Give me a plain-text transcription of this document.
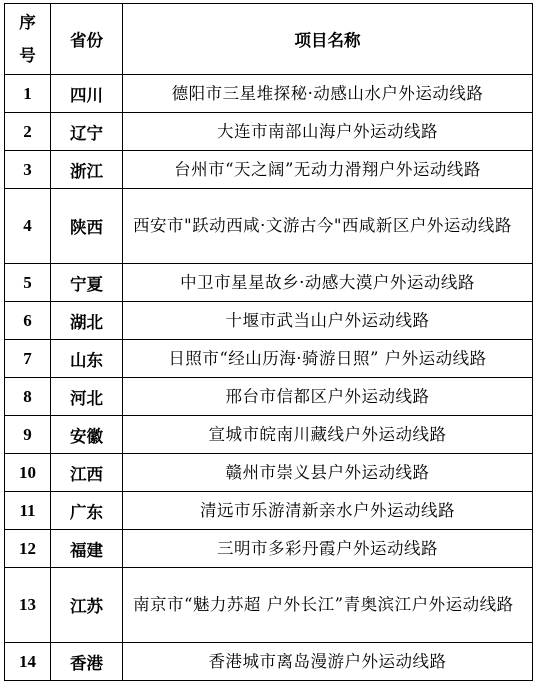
序号	省份	项目名称
1	四川	德阳市三星堆探秘·动感山水户外运动线路
2	辽宁	大连市南部山海户外运动线路
3	浙江	台州市“天之阔”无动力滑翔户外运动线路
4	陕西	西安市"跃动西咸·文游古今"西咸新区户外运动线路
5	宁夏	中卫市星星故乡·动感大漠户外运动线路
6	湖北	十堰市武当山户外运动线路
7	山东	日照市“经山历海·骑游日照” 户外运动线路
8	河北	邢台市信都区户外运动线路
9	安徽	宣城市皖南川藏线户外运动线路
10	江西	赣州市崇义县户外运动线路
11	广东	清远市乐游清新亲水户外运动线路
12	福建	三明市多彩丹霞户外运动线路
13	江苏	南京市“魅力苏超 户外长江”青奥滨江户外运动线路
14	香港	香港城市离岛漫游户外运动线路
